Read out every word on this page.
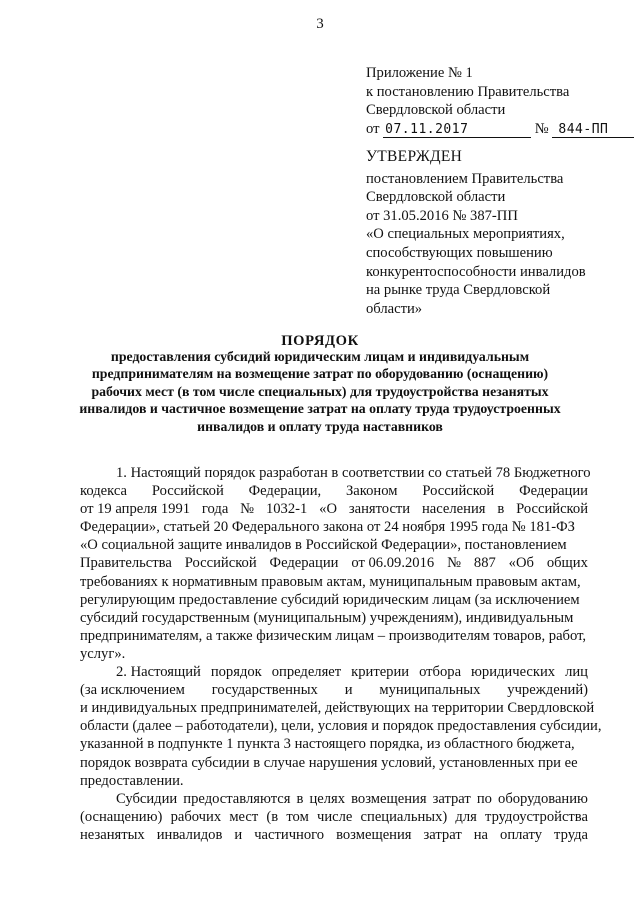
3
Приложение № 1
к постановлению Правительства
Свердловской области
от 07.11.2017	№ 844-ПП
УТВЕРЖДЕН
постановлением Правительства
Свердловской области
от 31.05.2016 № 387-ПП
«О специальных мероприятиях,
способствующих повышению
конкурентоспособности инвалидов
на рынке труда Свердловской
области»
ПОРЯДОК
предоставления субсидий юридическим лицам и индивидуальным
предпринимателям на возмещение затрат по оборудованию (оснащению)
рабочих мест (в том числе специальных) для трудоустройства незанятых
инвалидов и частичное возмещение затрат на оплату труда трудоустроенных
инвалидов и оплату труда наставников
1. Настоящий порядок разработан в соответствии со статьей 78 Бюджетного
кодекса Российской Федерации, Законом Российской Федерации
от 19 апреля 1991 года № 1032-1 «О занятости населения в Российской
Федерации», статьей 20 Федерального закона от 24 ноября 1995 года № 181-ФЗ
«О социальной защите инвалидов в Российской Федерации», постановлением
Правительства Российской Федерации от 06.09.2016 № 887 «Об общих
требованиях к нормативным правовым актам, муниципальным правовым актам,
регулирующим предоставление субсидий юридическим лицам (за исключением
субсидий государственным (муниципальным) учреждениям), индивидуальным
предпринимателям, а также физическим лицам – производителям товаров, работ,
услуг».
2. Настоящий порядок определяет критерии отбора юридических лиц
(за исключением государственных и муниципальных учреждений)
и индивидуальных предпринимателей, действующих на территории Свердловской
области (далее – работодатели), цели, условия и порядок предоставления субсидии,
указанной в подпункте 1 пункта 3 настоящего порядка, из областного бюджета,
порядок возврата субсидии в случае нарушения условий, установленных при ее
предоставлении.
Субсидии предоставляются в целях возмещения затрат по оборудованию
(оснащению) рабочих мест (в том числе специальных) для трудоустройства
незанятых инвалидов и частичного возмещения затрат на оплату труда
